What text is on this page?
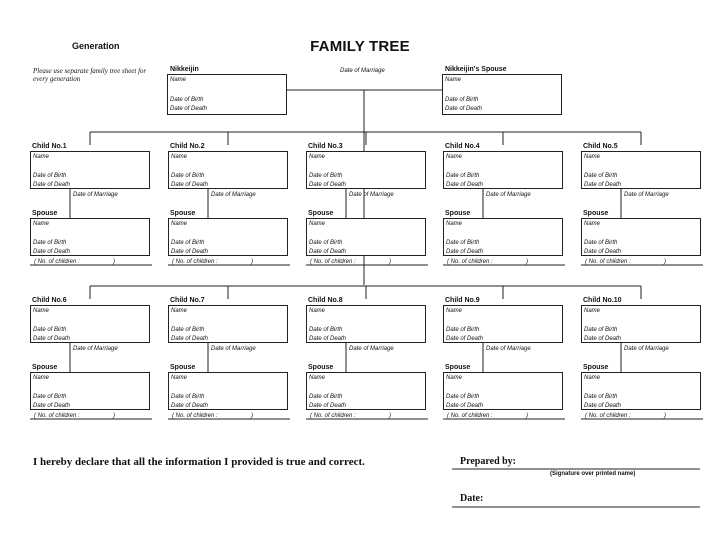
Generation	FAMILY TREE
Please use separate family tree sheet for every generation
Nikkeijin
Name
Date of Birth
Date of Death
Date of Marriage	Nikkeijin's Spouse
Name
Date of Birth
Date of Death
Child No.1
Name
Date of Birth
Date of Death
Date of Marriage
Spouse
Name
Date of Birth
Date of Death
( No. of children :                    )
Child No.2
Name
Date of Birth
Date of Death
Date of Marriage
Spouse
Name
Date of Birth
Date of Death
( No. of children :                    )
Child No.3
Name
Date of Birth
Date of Death
Date of Marriage
Spouse
Name
Date of Birth
Date of Death
( No. of children :                    )
Child No.4
Name
Date of Birth
Date of Death
Date of Marriage
Spouse
Name
Date of Birth
Date of Death
( No. of children :                    )
Child No.5
Name
Date of Birth
Date of Death
Date of Marriage
Spouse
Name
Date of Birth
Date of Death
( No. of children :                    )
Child No.6
Name
Date of Birth
Date of Death
Date of Marriage
Spouse
Name
Date of Birth
Date of Death
( No. of children :                    )
Child No.7
Name
Date of Birth
Date of Death
Date of Marriage
Spouse
Name
Date of Birth
Date of Death
( No. of children :                    )
Child No.8
Name
Date of Birth
Date of Death
Date of Marriage
Spouse
Name
Date of Birth
Date of Death
( No. of children :                    )
Child No.9
Name
Date of Birth
Date of Death
Date of Marriage
Spouse
Name
Date of Birth
Date of Death
( No. of children :                    )
Child No.10
Name
Date of Birth
Date of Death
Date of Marriage
Spouse
Name
Date of Birth
Date of Death
( No. of children :                    )
I hereby declare that all the information I provided is true and correct.	Prepared by:
(Signature over printed name)
Date:
